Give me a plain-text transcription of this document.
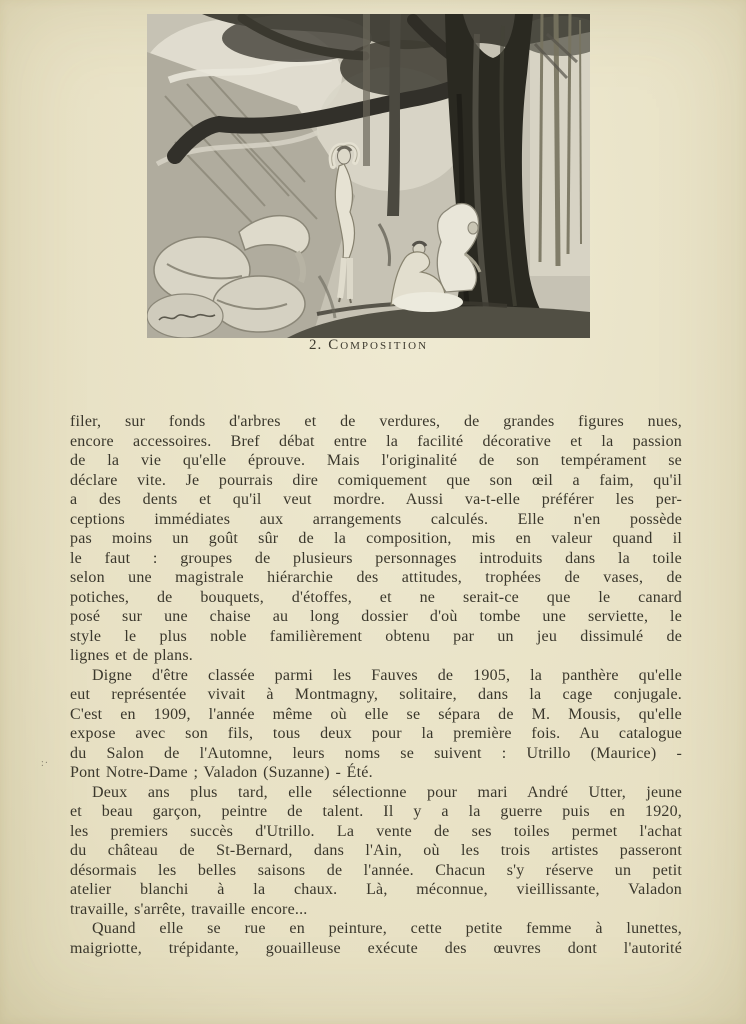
2. Composition
filer, sur fonds d'arbres et de verdures, de grandes figures nues,
encore accessoires. Bref débat entre la facilité décorative et la passion
de la vie qu'elle éprouve. Mais l'originalité de son tempérament se
déclare vite. Je pourrais dire comiquement que son œil a faim, qu'il
a des dents et qu'il veut mordre. Aussi va-t-elle préférer les per-
ceptions immédiates aux arrangements calculés. Elle n'en possède
pas moins un goût sûr de la composition, mis en valeur quand il
le faut : groupes de plusieurs personnages introduits dans la toile
selon une magistrale hiérarchie des attitudes, trophées de vases, de
potiches, de bouquets, d'étoffes, et ne serait-ce que le canard
posé sur une chaise au long dossier d'où tombe une serviette, le
style le plus noble familièrement obtenu par un jeu dissimulé de
lignes et de plans.
Digne d'être classée parmi les Fauves de 1905, la panthère qu'elle
eut représentée vivait à Montmagny, solitaire, dans la cage conjugale.
C'est en 1909, l'année même où elle se sépara de M. Mousis, qu'elle
expose avec son fils, tous deux pour la première fois. Au catalogue
du Salon de l'Automne, leurs noms se suivent : Utrillo (Maurice) -
Pont Notre-Dame ; Valadon (Suzanne) - Été.
Deux ans plus tard, elle sélectionne pour mari André Utter, jeune
et beau garçon, peintre de talent. Il y a la guerre puis en 1920,
les premiers succès d'Utrillo. La vente de ses toiles permet l'achat
du château de St-Bernard, dans l'Ain, où les trois artistes passeront
désormais les belles saisons de l'année. Chacun s'y réserve un petit
atelier blanchi à la chaux. Là, méconnue, vieillissante, Valadon
travaille, s'arrête, travaille encore...
Quand elle se rue en peinture, cette petite femme à lunettes,
maigriotte, trépidante, gouailleuse exécute des œuvres dont l'autorité
:·
